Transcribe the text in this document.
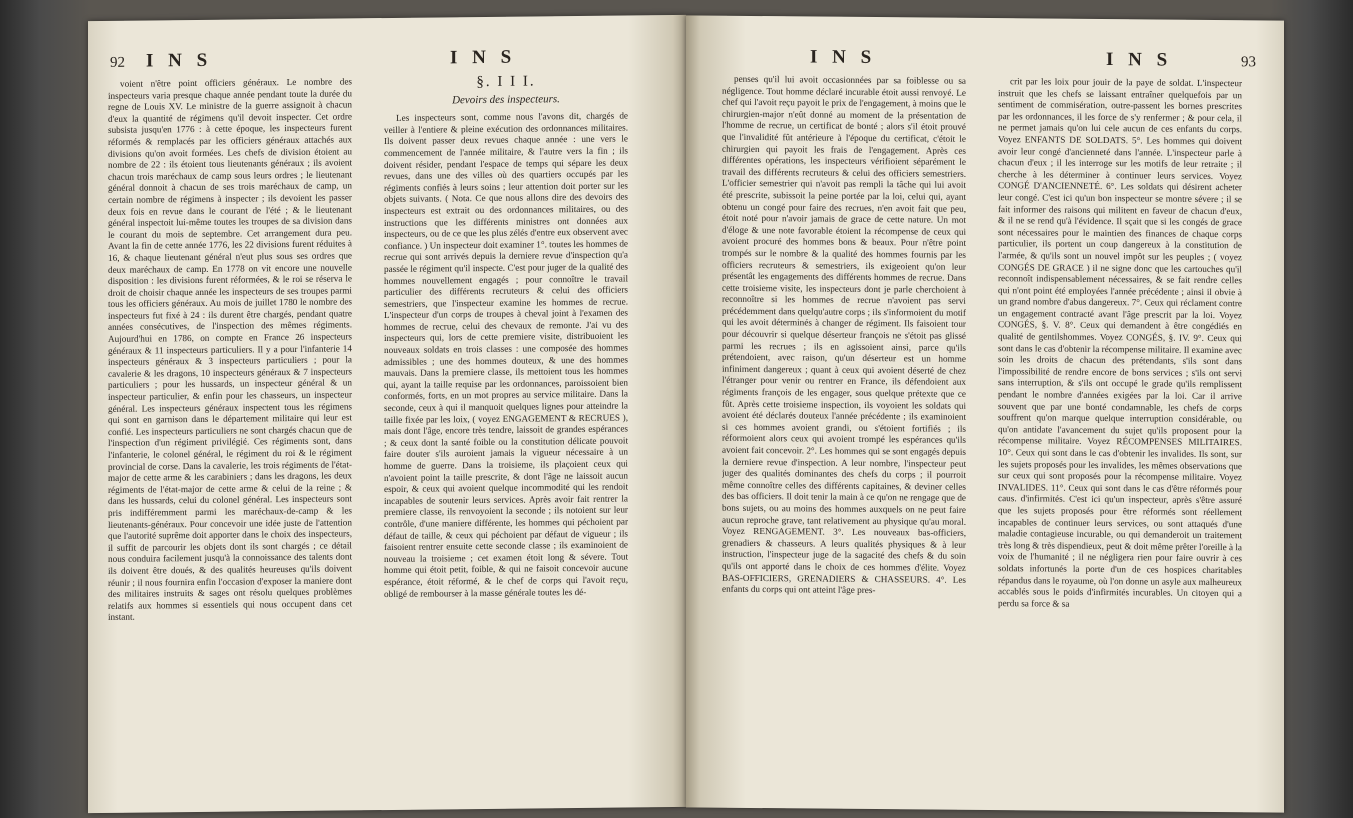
92 I N S	I N S

voient n'être point officiers généraux. Le nombre des inspecteurs varia presque chaque année pendant toute la durée du regne de Louis XV. Le ministre de la guerre assignoit à chacun d'eux la quantité de régimens qu'il devoit inspecter. Cet ordre subsista jusqu'en 1776 : à cette époque, les inspecteurs furent réformés & remplacés par les officiers généraux attachés aux divisions qu'on avoit formées. Les chefs de division étoient au nombre de 22 : ils étoient tous lieutenants généraux ; ils avoient chacun trois maréchaux de camp sous leurs ordres ; le lieutenant général donnoit à chacun de ses trois maréchaux de camp, un certain nombre de régimens à inspecter ; ils devoient les passer deux fois en revue dans le courant de l'été ; & le lieutenant général inspectoit lui-même toutes les troupes de sa division dans le courant du mois de septembre. Cet arrangement dura peu. Avant la fin de cette année 1776, les 22 divisions furent réduites à 16, & chaque lieutenant général n'eut plus sous ses ordres que deux maréchaux de camp. En 1778 on vit encore une nouvelle disposition : les divisions furent réformées, & le roi se réserva le droit de choisir chaque année les inspecteurs de ses troupes parmi tous les officiers généraux. Au mois de juillet 1780 le nombre des inspecteurs fut fixé à 24 : ils durent être chargés, pendant quatre années consécutives, de l'inspection des mêmes régiments. Aujourd'hui en 1786, on compte en France 26 inspecteurs généraux & 11 inspecteurs particuliers. Il y a pour l'infanterie 14 inspecteurs généraux & 3 inspecteurs particuliers ; pour la cavalerie & les dragons, 10 inspecteurs généraux & 7 inspecteurs particuliers ; pour les hussards, un inspecteur général & un inspecteur particulier, & enfin pour les chasseurs, un inspecteur général. Les inspecteurs généraux inspectent tous les régimens qui sont en garnison dans le département militaire qui leur est confié. Les inspecteurs particuliers ne sont chargés chacun que de l'inspection d'un régiment privilégié. Ces régiments sont, dans l'infanterie, le colonel général, le régiment du roi & le régiment provincial de corse. Dans la cavalerie, les trois régiments de l'état-major de cette arme & les carabiniers ; dans les dragons, les deux régiments de l'état-major de cette arme & celui de la reine ; & dans les hussards, celui du colonel général. Les inspecteurs sont pris indifféremment parmi les maréchaux-de-camp & les lieutenants-généraux. Pour concevoir une idée juste de l'attention que l'autorité suprême doit apporter dans le choix des inspecteurs, il suffit de parcourir les objets dont ils sont chargés ; ce détail nous conduira facilement jusqu'à la connoissance des talents dont ils doivent être doués, & des qualités heureuses qu'ils doivent réunir ; il nous fournira enfin l'occasion d'exposer la maniere dont des militaires instruits & sages ont résolu quelques problèmes relatifs aux hommes si essentiels qui nous occupent dans cet instant.

§. I I I.
Devoirs des inspecteurs.

Les inspecteurs sont, comme nous l'avons dit, chargés de veiller à l'entiere & pleine exécution des ordonnances militaires. Ils doivent passer deux revues chaque année : une vers le commencement de l'année militaire, & l'autre vers la fin ; ils doivent résider, pendant l'espace de temps qui sépare les deux revues, dans une des villes où des quartiers occupés par les régiments confiés à leurs soins ; leur attention doit porter sur les objets suivants. ( Nota. Ce que nous allons dire des devoirs des inspecteurs est extrait ou des ordonnances militaires, ou des instructions que les différents ministres ont données aux inspecteurs, ou de ce que les plus zélés d'entre eux observent avec confiance. ) Un inspecteur doit examiner 1°. toutes les hommes de recrue qui sont arrivés depuis la derniere revue d'inspection qu'a passée le régiment qu'il inspecte. C'est pour juger de la qualité des hommes nouvellement engagés ; pour connoître le travail particulier des différents recruteurs & celui des officiers semestriers, que l'inspecteur examine les hommes de recrue. L'inspecteur d'un corps de troupes à cheval joint à l'examen des hommes de recrue, celui des chevaux de remonte. J'ai vu des inspecteurs qui, lors de cette premiere visite, distribuoient les nouveaux soldats en trois classes : une composée des hommes admissibles ; une des hommes douteux, & une des hommes mauvais. Dans la premiere classe, ils mettoient tous les hommes qui, ayant la taille requise par les ordonnances, paroissoient bien conformés, forts, en un mot propres au service militaire. Dans la seconde, ceux à qui il manquoit quelques lignes pour atteindre la taille fixée par les loix, ( voyez ENGAGEMENT & RECRUES ), mais dont l'âge, encore très tendre, laissoit de grandes espérances ; & ceux dont la santé foible ou la constitution délicate pouvoit faire douter s'ils auroient jamais la vigueur nécessaire à un homme de guerre. Dans la troisieme, ils plaçoient ceux qui n'avoient point la taille prescrite, & dont l'âge ne laissoit aucun espoir, & ceux qui avoient quelque incommodité qui les rendoit incapables de soutenir leurs services. Après avoir fait rentrer la premiere classe, ils renvoyoient la seconde ; ils notoient sur leur contrôle, d'une maniere différente, les hommes qui péchoient par défaut de taille, & ceux qui péchoient par défaut de vigueur ; ils faisoient rentrer ensuite cette seconde classe ; ils examinoient de nouveau la troisieme ; cet examen étoit long & sévere. Tout homme qui étoit petit, foible, & qui ne faisoit concevoir aucune espérance, étoit réformé, & le chef de corps qui l'avoit reçu, obligé de rembourser à la masse générale toutes les dé-

I N S	I N S	93

penses qu'il lui avoit occasionnées par sa foiblesse ou sa négligence. Tout homme déclaré incurable étoit aussi renvoyé. Le chef qui l'avoit reçu payoit le prix de l'engagement, à moins que le chirurgien-major n'eût donné au moment de la présentation de l'homme de recrue, un certificat de bonté ; alors s'il étoit prouvé que l'invalidité fût antérieure à l'époque du certificat, c'étoit le chirurgien qui payoit les frais de l'engagement. Après ces différentes opérations, les inspecteurs vérifioient séparément le travail des différents recruteurs & celui des officiers semestriers. L'officier semestrier qui n'avoit pas rempli la tâche qui lui avoit été prescrite, subissoit la peine portée par la loi, celui qui, ayant obtenu un congé pour faire des recrues, n'en avoit fait que peu, étoit noté pour n'avoir jamais de grace de cette nature. Un mot d'éloge & une note favorable étoient la récompense de ceux qui avoient procuré des hommes bons & beaux. Pour n'être point trompés sur le nombre & la qualité des hommes fournis par les officiers recruteurs & semestriers, ils exigeoient qu'on leur présentât les engagements des différents hommes de recrue. Dans cette troisieme visite, les inspecteurs dont je parle cherchoient à reconnoître si les hommes de recrue n'avoient pas servi précédemment dans quelqu'autre corps ; ils s'informoient du motif qui les avoit déterminés à changer de régiment. Ils faisoient tour pour découvrir si quelque déserteur françois ne s'étoit pas glissé parmi les recrues ; ils en agissoient ainsi, parce qu'ils prétendoient, avec raison, qu'un déserteur est un homme infiniment dangereux ; quant à ceux qui avoient déserté de chez l'étranger pour venir ou rentrer en France, ils défendoient aux régiments françois de les engager, sous quelque prétexte que ce fût. Après cette troisieme inspection, ils voyoient les soldats qui avoient été déclarés douteux l'année précédente ; ils examinoient si ces hommes avoient grandi, ou s'étoient fortifiés ; ils réformoient alors ceux qui avoient trompé les espérances qu'ils avoient fait concevoir. 2°. Les hommes qui se sont engagés depuis la derniere revue d'inspection. A leur nombre, l'inspecteur peut juger des qualités dominantes des chefs du corps ; il pourroit même connoître celles des différents capitaines, & deviner celles des bas officiers. Il doit tenir la main à ce qu'on ne rengage que de bons sujets, ou au moins des hommes auxquels on ne peut faire aucun reproche grave, tant relativement au physique qu'au moral. Voyez RENGAGEMENT. 3°. Les nouveaux bas-officiers, grenadiers & chasseurs. A leurs qualités physiques & à leur instruction, l'inspecteur juge de la sagacité des chefs & du soin qu'ils ont apporté dans le choix de ces hommes d'élite. Voyez BAS-OFFICIERS, GRENADIERS & CHASSEURS. 4°. Les enfants du corps qui ont atteint l'âge pres-

crit par les loix pour jouir de la paye de soldat. L'inspecteur instruit que les chefs se laissant entraîner quelquefois par un sentiment de commisération, outre-passent les bornes prescrites par les ordonnances, il les force de s'y renfermer ; & pour cela, il ne permet jamais qu'on lui cele aucun de ces enfants du corps. Voyez ENFANTS DE SOLDATS. 5°. Les hommes qui doivent avoir leur congé d'ancienneté dans l'année. L'inspecteur parle à chacun d'eux ; il les interroge sur les motifs de leur retraite ; il cherche à les déterminer à continuer leurs services. Voyez CONGÉ D'ANCIENNETÉ. 6°. Les soldats qui désirent acheter leur congé. C'est ici qu'un bon inspecteur se montre sévere ; il se fait informer des raisons qui militent en faveur de chacun d'eux, & il ne se rend qu'à l'évidence. Il sçait que si les congés de grace sont nécessaires pour le maintien des finances de chaque corps particulier, ils portent un coup dangereux à la constitution de l'armée, & qu'ils sont un nouvel impôt sur les peuples ; ( voyez CONGÉS DE GRACE ) il ne signe donc que les cartouches qu'il reconnoît indispensablement nécessaires, & se fait rendre celles qui n'ont point été employées l'année précédente ; ainsi il obvie à un grand nombre d'abus dangereux. 7°. Ceux qui réclament contre un engagement contracté avant l'âge prescrit par la loi. Voyez CONGÉS, §. V. 8°. Ceux qui demandent à être congédiés en qualité de gentilshommes. Voyez CONGÉS, §. IV. 9°. Ceux qui sont dans le cas d'obtenir la récompense militaire. Il examine avec soin les droits de chacun des prétendants, s'ils sont dans l'impossibilité de rendre encore de bons services ; s'ils ont servi sans interruption, & s'ils ont occupé le grade qu'ils remplissent pendant le nombre d'années exigées par la loi. Car il arrive souvent que par une bonté condamnable, les chefs de corps souffrent qu'on marque quelque interruption considérable, ou qu'on antidate l'avancement du sujet qu'ils proposent pour la récompense militaire. Voyez RÉCOMPENSES MILITAIRES. 10°. Ceux qui sont dans le cas d'obtenir les invalides. Ils sont, sur les sujets proposés pour les invalides, les mêmes observations que sur ceux qui sont proposés pour la récompense militaire. Voyez INVALIDES. 11°. Ceux qui sont dans le cas d'être réformés pour caus. d'infirmités. C'est ici qu'un inspecteur, après s'être assuré que les sujets proposés pour être réformés sont réellement incapables de continuer leurs services, ou sont attaqués d'une maladie contagieuse incurable, ou qui demanderoit un traitement très long & très dispendieux, peut & doit même prêter l'oreille à la voix de l'humanité ; il ne négligera rien pour faire ouvrir à ces soldats infortunés la porte d'un de ces hospices charitables répandus dans le royaume, où l'on donne un asyle aux malheureux accablés sous le poids d'infirmités incurables. Un citoyen qui a perdu sa force & sa
